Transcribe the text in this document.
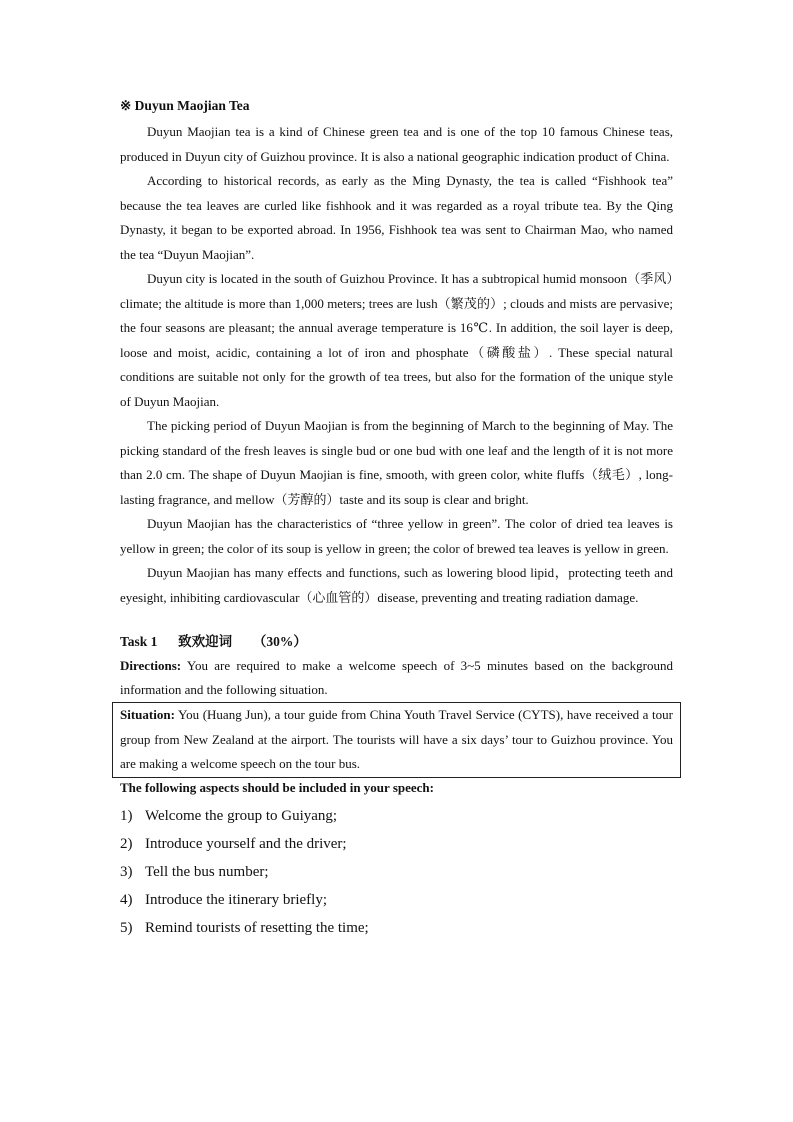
※ Duyun Maojian Tea

Duyun Maojian tea is a kind of Chinese green tea and is one of the top 10 famous Chinese teas, produced in Duyun city of Guizhou province. It is also a national geographic indication product of China.

According to historical records, as early as the Ming Dynasty, the tea is called “Fishhook tea” because the tea leaves are curled like fishhook and it was regarded as a royal tribute tea. By the Qing Dynasty, it began to be exported abroad. In 1956, Fishhook tea was sent to Chairman Mao, who named the tea “Duyun Maojian”.

Duyun city is located in the south of Guizhou Province. It has a subtropical humid monsoon（季风）climate; the altitude is more than 1,000 meters; trees are lush（繁茂的）; clouds and mists are pervasive; the four seasons are pleasant; the annual average temperature is 16℃. In addition, the soil layer is deep, loose and moist, acidic, containing a lot of iron and phosphate（磷酸盐）. These special natural conditions are suitable not only for the growth of tea trees, but also for the formation of the unique style of Duyun Maojian.

The picking period of Duyun Maojian is from the beginning of March to the beginning of May. The picking standard of the fresh leaves is single bud or one bud with one leaf and the length of it is not more than 2.0 cm. The shape of Duyun Maojian is fine, smooth, with green color, white fluffs（绒毛）, long-lasting fragrance, and mellow（芳醇的）taste and its soup is clear and bright.

Duyun Maojian has the characteristics of “three yellow in green”. The color of dried tea leaves is yellow in green; the color of its soup is yellow in green; the color of brewed tea leaves is yellow in green.

Duyun Maojian has many effects and functions, such as lowering blood lipid，protecting teeth and eyesight, inhibiting cardiovascular（心血管的）disease, preventing and treating radiation damage.

Task 1 致欢迎词 （30%）

Directions: You are required to make a welcome speech of 3~5 minutes based on the background information and the following situation.

Situation: You (Huang Jun), a tour guide from China Youth Travel Service (CYTS), have received a tour group from New Zealand at the airport. The tourists will have a six days’ tour to Guizhou province. You are making a welcome speech on the tour bus.

The following aspects should be included in your speech:
1) Welcome the group to Guiyang;
2) Introduce yourself and the driver;
3) Tell the bus number;
4) Introduce the itinerary briefly;
5) Remind tourists of resetting the time;
